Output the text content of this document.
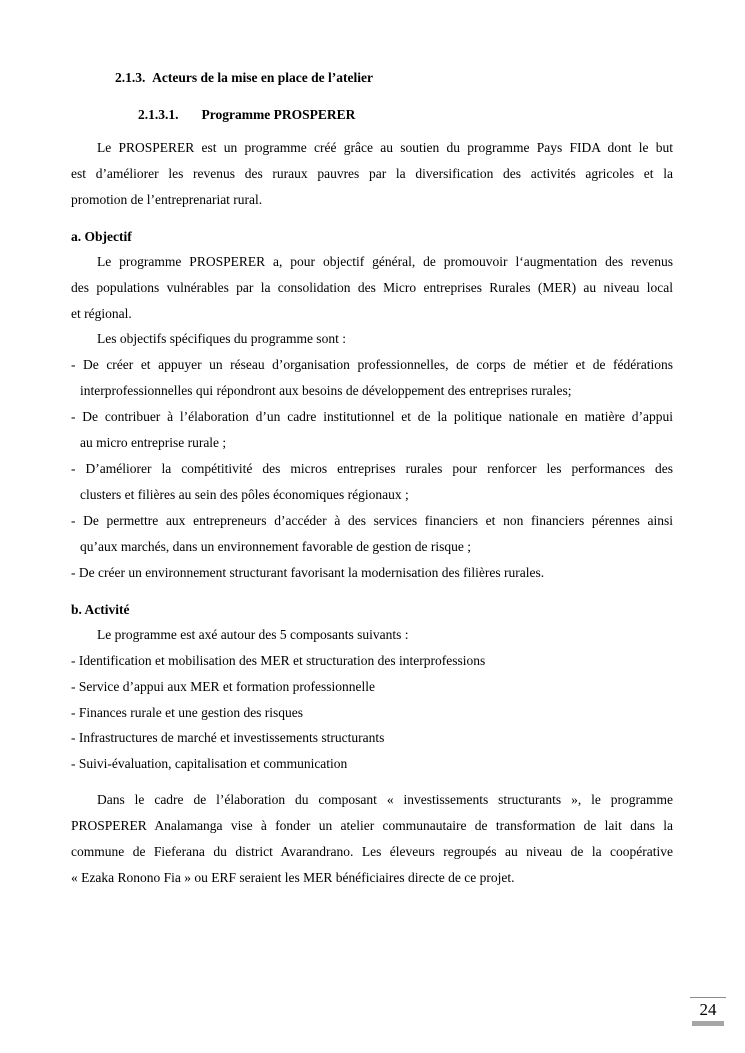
2.1.3. Acteurs de la mise en place de l’atelier

2.1.3.1. Programme PROSPERER

Le PROSPERER est un programme créé grâce au soutien du programme Pays FIDA dont le but

est d’améliorer les revenus des ruraux pauvres par la diversification des activités agricoles et la

promotion de l’entreprenariat rural.

a. Objectif

Le programme PROSPERER a, pour objectif général, de promouvoir l‘augmentation des revenus

des populations vulnérables par la consolidation des Micro entreprises Rurales (MER) au niveau local

et régional.

Les objectifs spécifiques du programme sont :

- De créer et appuyer un réseau d’organisation professionnelles, de corps de métier et de fédérations

interprofessionnelles qui répondront aux besoins de développement des entreprises rurales;

- De contribuer à l’élaboration d’un cadre institutionnel et de la politique nationale en matière d’appui

au micro entreprise rurale ;

- D’améliorer la compétitivité des micros entreprises rurales pour renforcer les performances des

clusters et filières au sein des pôles économiques régionaux ;

- De permettre aux entrepreneurs d’accéder à des services financiers et non financiers pérennes ainsi

qu’aux marchés, dans un environnement favorable de gestion de risque ;

- De créer un environnement structurant favorisant la modernisation des filières rurales.

b. Activité

Le programme est axé autour des 5 composants suivants :

- Identification et mobilisation des MER et structuration des interprofessions

- Service d’appui aux MER et formation professionnelle

- Finances rurale et une gestion des risques

- Infrastructures de marché et investissements structurants

- Suivi-évaluation, capitalisation et communication

Dans le cadre de l’élaboration du composant « investissements structurants », le programme

PROSPERER Analamanga vise à fonder un atelier communautaire de transformation de lait dans la

commune de Fieferana du district Avarandrano. Les éleveurs regroupés au niveau de la coopérative

« Ezaka Ronono Fia » ou ERF seraient les MER bénéficiaires directe de ce projet.

24
